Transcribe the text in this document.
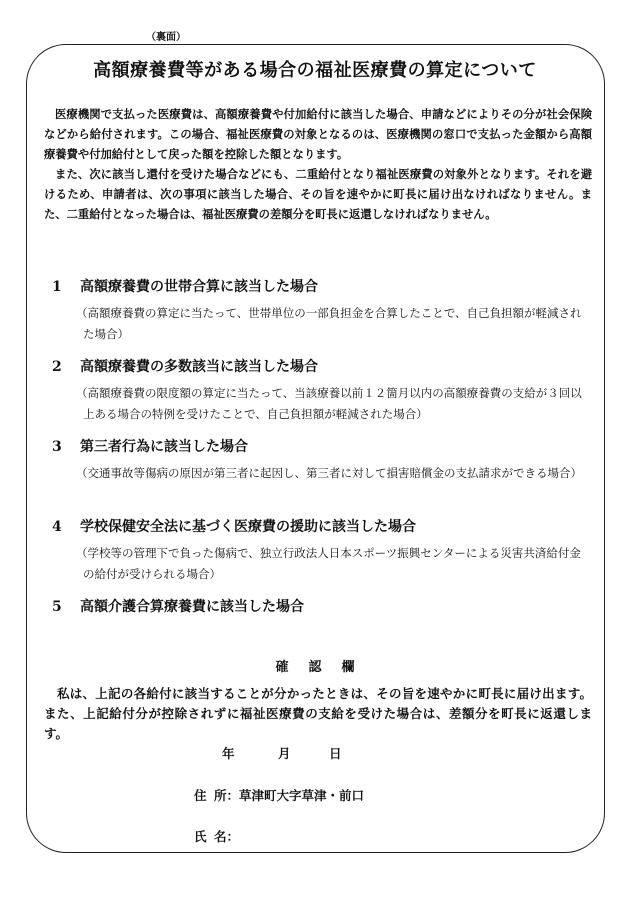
（裏面）
高額療養費等がある場合の福祉医療費の算定について

医療機関で支払った医療費は、高額療養費や付加給付に該当した場合、申請などによりその分が社会保険などから給付されます。この場合、福祉医療費の対象となるのは、医療機関の窓口で支払った金額から高額療養費や付加給付として戻った額を控除した額となります。

また、次に該当し還付を受けた場合などにも、二重給付となり福祉医療費の対象外となります。それを避けるため、申請者は、次の事項に該当した場合、その旨を速やかに町長に届け出なければなりません。また、二重給付となった場合は、福祉医療費の差額分を町長に返還しなければなりません。

1 高額療養費の世帯合算に該当した場合
（高額療養費の算定に当たって、世帯単位の一部負担金を合算したことで、自己負担額が軽減された場合）
2 高額療養費の多数該当に該当した場合
（高額療養費の限度額の算定に当たって、当該療養以前１２箇月以内の高額療養費の支給が３回以上ある場合の特例を受けたことで、自己負担額が軽減された場合）
3 第三者行為に該当した場合
（交通事故等傷病の原因が第三者に起因し、第三者に対して損害賠償金の支払請求ができる場合）
4 学校保健安全法に基づく医療費の援助に該当した場合
（学校等の管理下で負った傷病で、独立行政法人日本スポーツ振興センターによる災害共済給付金の給付が受けられる場合）
5 高額介護合算療養費に該当した場合
確認欄
私は、上記の各給付に該当することが分かったときは、その旨を速やかに町長に届け出ます。また、上記給付分が控除されずに福祉医療費の支給を受けた場合は、差額分を町長に返還します。
年	月	日
住 所：草津町大字草津・前口
氏 名：
